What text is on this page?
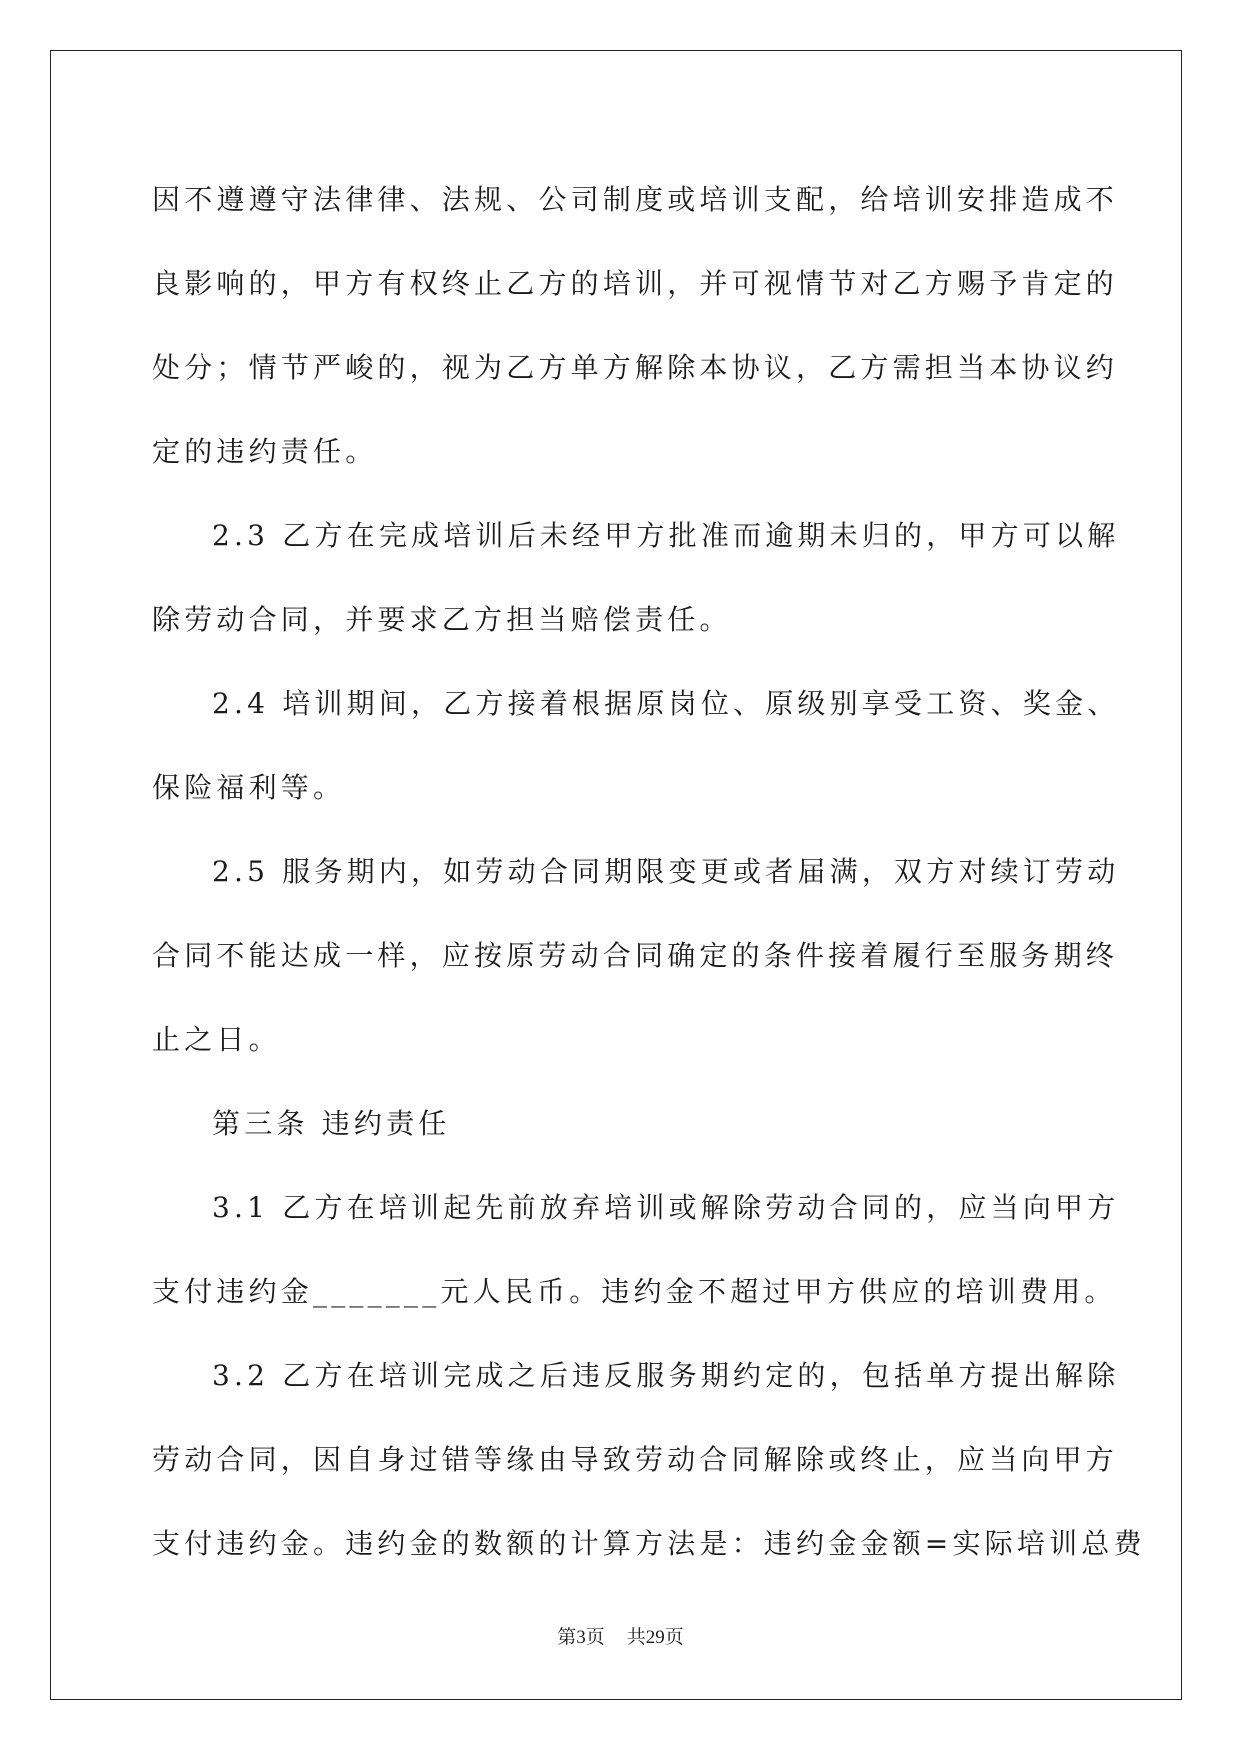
因不遵遵守法律律、法规、公司制度或培训支配，给培训安排造成不
良影响的，甲方有权终止乙方的培训，并可视情节对乙方赐予肯定的
处分；情节严峻的，视为乙方单方解除本协议，乙方需担当本协议约
定的违约责任。
2.3 乙方在完成培训后未经甲方批准而逾期未归的，甲方可以解
除劳动合同，并要求乙方担当赔偿责任。
2.4 培训期间，乙方接着根据原岗位、原级别享受工资、奖金、
保险福利等。
2.5 服务期内，如劳动合同期限变更或者届满，双方对续订劳动
合同不能达成一样，应按原劳动合同确定的条件接着履行至服务期终
止之日。
第三条 违约责任
3.1 乙方在培训起先前放弃培训或解除劳动合同的，应当向甲方
支付违约金_______元人民币。违约金不超过甲方供应的培训费用。
3.2 乙方在培训完成之后违反服务期约定的，包括单方提出解除
劳动合同，因自身过错等缘由导致劳动合同解除或终止，应当向甲方
支付违约金。违约金的数额的计算方法是：违约金金额=实际培训总费
第3页 共29页
